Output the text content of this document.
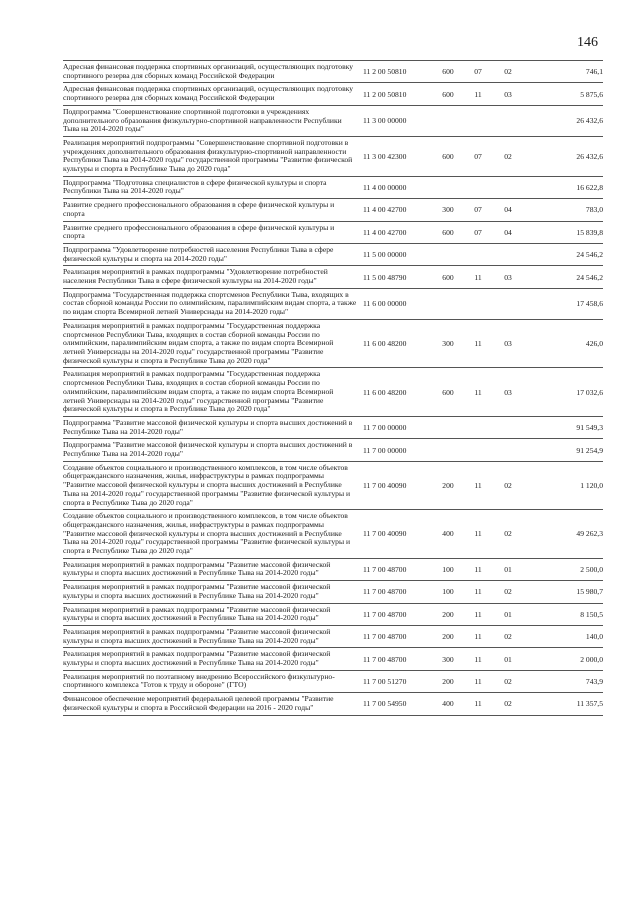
146
Адресная финансовая поддержка спортивных организаций, осуществляющих подготовку спортивного резерва для сборных команд Российской Федерации	11 2 00 50810	600	07	02	746,1
Адресная финансовая поддержка спортивных организаций, осуществляющих подготовку спортивного резерва для сборных команд Российской Федерации	11 2 00 50810	600	11	03	5 875,6
Подпрограмма "Совершенствование спортивной подготовки в учреждениях дополнительного образования физкультурно-спортивной направленности Республики Тыва на 2014-2020 годы"
11 3 00 00000	26 432,6
Реализация мероприятий подпрограммы "Совершенствование спортивной подготовки в учреждениях дополнительного образования физкультурно-спортивной направленности Республики Тыва на 2014-2020 годы" государственной программы "Развитие физической культуры и спорта в Республике Тыва до 2020 года"
11 3 00 42300	600	07	02	26 432,6
Подпрограмма "Подготовка специалистов в сфере физической культуры и спорта Республики Тыва на 2014-2020 годы"	11 4 00 00000	16 622,8
Развитие среднего профессионального образования в сфере физической культуры и спорта	11 4 00 42700	300	07	04	783,0
Развитие среднего профессионального образования в сфере физической культуры и спорта	11 4 00 42700	600	07	04	15 839,8
Подпрограмма "Удовлетворение потребностей населения Республики Тыва в сфере физической культуры и спорта на 2014-2020 годы"	11 5 00 00000	24 546,2
Реализация мероприятий в рамках подпрограммы "Удовлетворение потребностей населения Республики Тыва в сфере физической культуры на 2014-2020 годы"	11 5 00 48790	600	11	03	24 546,2
Подпрограмма "Государственная поддержка спортсменов Республики Тыва, входящих в состав сборной команды России по олимпийским, паралимпийским видам спорта, а также по видам спорта Всемирной летней Универсиады на 2014-2020 годы"
11 6 00 00000	17 458,6
Реализация мероприятий в рамках подпрограммы "Государственная поддержка спортсменов Республики Тыва, входящих в состав сборной команды России по олимпийским, паралимпийским видам спорта, а также по видам спорта Всемирной летней Универсиады на 2014-2020 годы" государственной программы "Развитие физической культуры и спорта в Республике Тыва до 2020 года"
11 6 00 48200	300	11	03	426,0
Реализация мероприятий в рамках подпрограммы "Государственная поддержка спортсменов Республики Тыва, входящих в состав сборной команды России по олимпийским, паралимпийским видам спорта, а также по видам спорта Всемирной летней Универсиады на 2014-2020 годы" государственной программы "Развитие физической культуры и спорта в Республике Тыва до 2020 года"
11 6 00 48200	600	11	03	17 032,6
Подпрограмма "Развитие массовой физической культуры и спорта высших достижений в Республике Тыва на 2014-2020 годы"	11 7 00 00000	91 549,3
Подпрограмма "Развитие массовой физической культуры и спорта высших достижений в Республике Тыва на 2014-2020 годы"	11 7 00 00000	91 254,9
Создание объектов социального и производственного комплексов, в том числе объектов общегражданского назначения, жилья, инфраструктуры в рамках подпрограммы "Развитие массовой физической культуры и спорта высших достижений в Республике Тыва на 2014-2020 годы" государственной программы "Развитие физической культуры и спорта в Республике Тыва до 2020 года"
11 7 00 40090	200	11	02	1 120,0
Создание объектов социального и производственного комплексов, в том числе объектов общегражданского назначения, жилья, инфраструктуры в рамках подпрограммы "Развитие массовой физической культуры и спорта высших достижений в Республике Тыва на 2014-2020 годы" государственной программы "Развитие физической культуры и спорта в Республике Тыва до 2020 года"
11 7 00 40090	400	11	02	49 262,3
Реализация мероприятий в рамках подпрограммы "Развитие массовой физической культуры и спорта высших достижений в Республике Тыва на 2014-2020 годы"	11 7 00 48700	100	11	01	2 500,0
Реализация мероприятий в рамках подпрограммы "Развитие массовой физической культуры и спорта высших достижений в Республике Тыва на 2014-2020 годы"	11 7 00 48700	100	11	02	15 980,7
Реализация мероприятий в рамках подпрограммы "Развитие массовой физической культуры и спорта высших достижений в Республике Тыва на 2014-2020 годы"	11 7 00 48700	200	11	01	8 150,5
Реализация мероприятий в рамках подпрограммы "Развитие массовой физической культуры и спорта высших достижений в Республике Тыва на 2014-2020 годы"	11 7 00 48700	200	11	02	140,0
Реализация мероприятий в рамках подпрограммы "Развитие массовой физической культуры и спорта высших достижений в Республике Тыва на 2014-2020 годы"	11 7 00 48700	300	11	01	2 000,0
Реализация мероприятий по поэтапному внедрению Всероссийского физкультурно-спортивного комплекса "Готов к труду и обороне" (ГТО)	11 7 00 51270	200	11	02	743,9
Финансовое обеспечение мероприятий федеральной целевой программы "Развитие физической культуры и спорта в Российской Федерации на 2016 - 2020 годы"	11 7 00 54950	400	11	02	11 357,5
